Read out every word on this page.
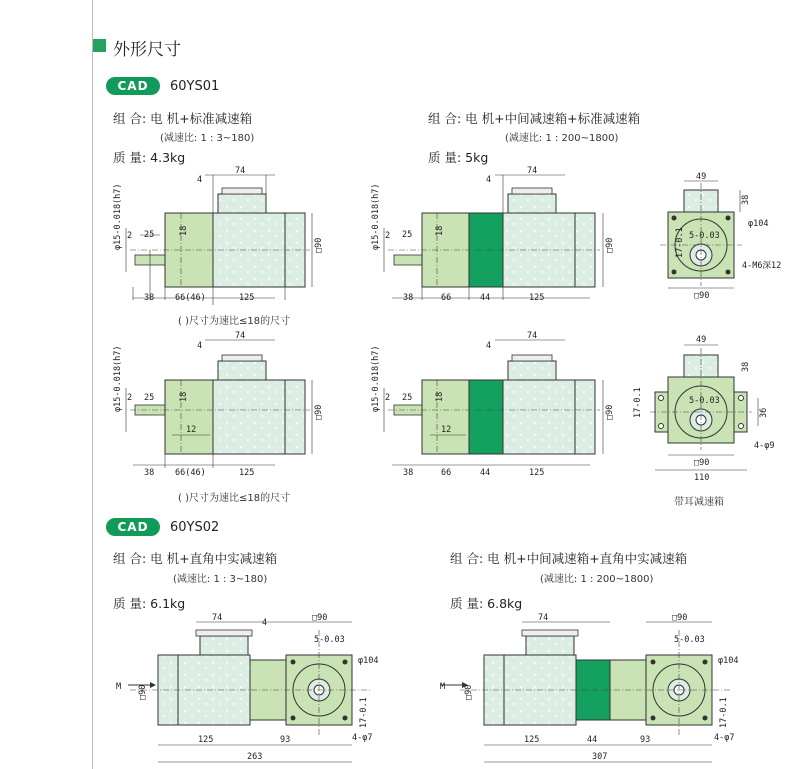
外形尺寸
CAD	60YS01
组 合: 电 机+标准减速箱
(减速比: 1 : 3~180)
质 量: 4.3kg
组 合: 电 机+中间减速箱+标准减速箱
(减速比: 1 : 200~1800)
质 量: 5kg
( )尺寸为速比≤18的尺寸
( )尺寸为速比≤18的尺寸	带耳减速箱
CAD	60YS02
组 合: 电 机+直角中实减速箱
(减速比: 1 : 3~180)
质 量: 6.1kg
组 合: 电 机+中间减速箱+直角中实减速箱
(减速比: 1 : 200~1800)
质 量: 6.8kg
4
74
38 66(46)	125
25
2
□90
φ15-0.018(h7)	18
4
74
38	66	44	125
25
2
□90
φ15-0.018(h7)	18
49
38
φ104
4-M6深12
5-0.03
17-0.1
□90
4
74
38 66(46)	125
25
2
12
□90
φ15-0.018(h7)	18
4
74
38	66	44	125
25
2
12
□90
φ15-0.018(h7)	18
49
38
36
5-0.03
17-0.1
□90
110
4-φ9
M □90
74	4	□90
φ104
5-0.03
17-0.1
4-φ7
125	93
263
M □90
74	□90
φ104
5-0.03
17-0.1
4-φ7
125	44	93
307
